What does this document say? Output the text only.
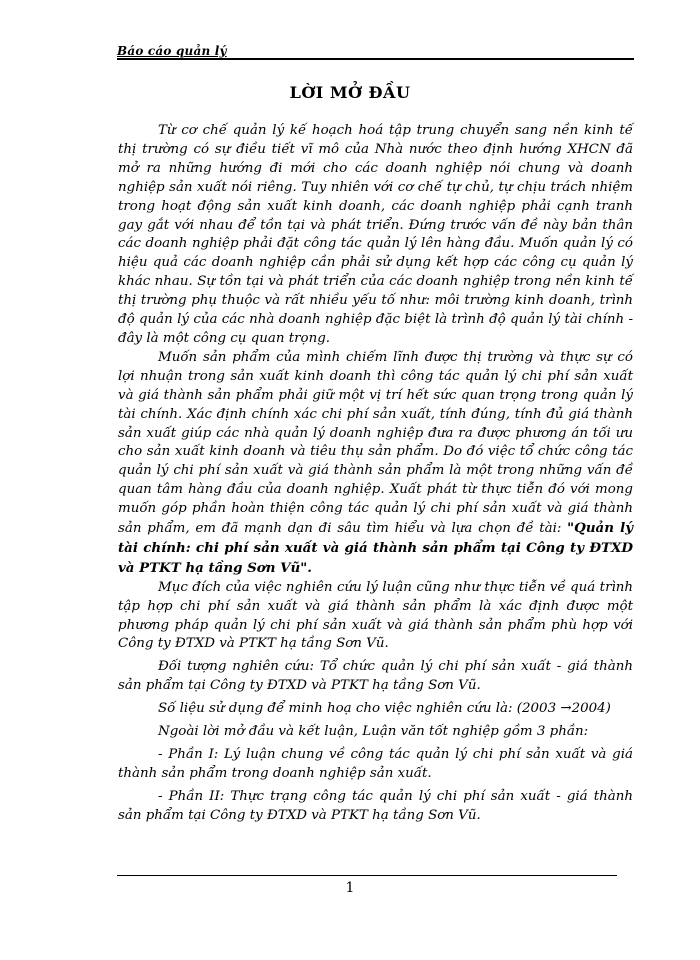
Báo cáo quản lý
LỜI MỞ ĐẦU

Từ cơ chế quản lý kế hoạch hoá tập trung chuyển sang nền kinh tế thị trường có sự điều tiết vĩ mô của Nhà nước theo định hướng XHCN đã mở ra những hướng đi mới cho các doanh nghiệp nói chung và doanh nghiệp sản xuất nói riêng. Tuy nhiên với cơ chế tự chủ, tự chịu trách nhiệm trong hoạt động sản xuất kinh doanh, các doanh nghiệp phải cạnh tranh gay gắt với nhau để tồn tại và phát triển. Đứng trước vấn đề này bản thân các doanh nghiệp phải đặt công tác quản lý lên hàng đầu. Muốn quản lý có hiệu quả các doanh nghiệp cần phải sử dụng kết hợp các công cụ quản lý khác nhau. Sự tồn tại và phát triển của các doanh nghiệp trong nền kinh tế thị trường phụ thuộc và rất nhiều yếu tố như: môi trường kinh doanh, trình độ quản lý của các nhà doanh nghiệp đặc biệt là trình độ quản lý tài chính - đây là một công cụ quan trọng.

Muốn sản phẩm của mình chiếm lĩnh được thị trường và thực sự có lợi nhuận trong sản xuất kinh doanh thì công tác quản lý chi phí sản xuất và giá thành sản phẩm phải giữ một vị trí hết sức quan trọng trong quản lý tài chính. Xác định chính xác chi phí sản xuất, tính đúng, tính đủ giá thành sản xuất giúp các nhà quản lý doanh nghiệp đưa ra được phương án tối ưu cho sản xuất kinh doanh và tiêu thụ sản phẩm. Do đó việc tổ chức công tác quản lý chi phí sản xuất và giá thành sản phẩm là một trong những vấn đề quan tâm hàng đầu của doanh nghiệp. Xuất phát từ thực tiễn đó với mong muốn góp phần hoàn thiện công tác quản lý chi phí sản xuất và giá thành sản phẩm, em đã mạnh dạn đi sâu tìm hiểu và lựa chọn đề tài: "Quản lý tài chính: chi phí sản xuất và giá thành sản phẩm tại Công ty ĐTXD và PTKT hạ tầng Sơn Vũ".

Mục đích của việc nghiên cứu lý luận cũng như thực tiễn về quá trình tập hợp chi phí sản xuất và giá thành sản phẩm là xác định được một phương pháp quản lý chi phí sản xuất và giá thành sản phẩm phù hợp với Công ty ĐTXD và PTKT hạ tầng Sơn Vũ.

Đối tượng nghiên cứu: Tổ chức quản lý chi phí sản xuất - giá thành sản phẩm tại Công ty ĐTXD và PTKT hạ tầng Sơn Vũ.

Số liệu sử dụng để minh hoạ cho việc nghiên cứu là: (2003 →2004)

Ngoài lời mở đầu và kết luận, Luận văn tốt nghiệp gồm 3 phần:

- Phần I: Lý luận chung về công tác quản lý chi phí sản xuất và giá thành sản phẩm trong doanh nghiệp sản xuất.

- Phần II: Thực trạng công tác quản lý chi phí sản xuất - giá thành sản phẩm tại Công ty ĐTXD và PTKT hạ tầng Sơn Vũ.

1
